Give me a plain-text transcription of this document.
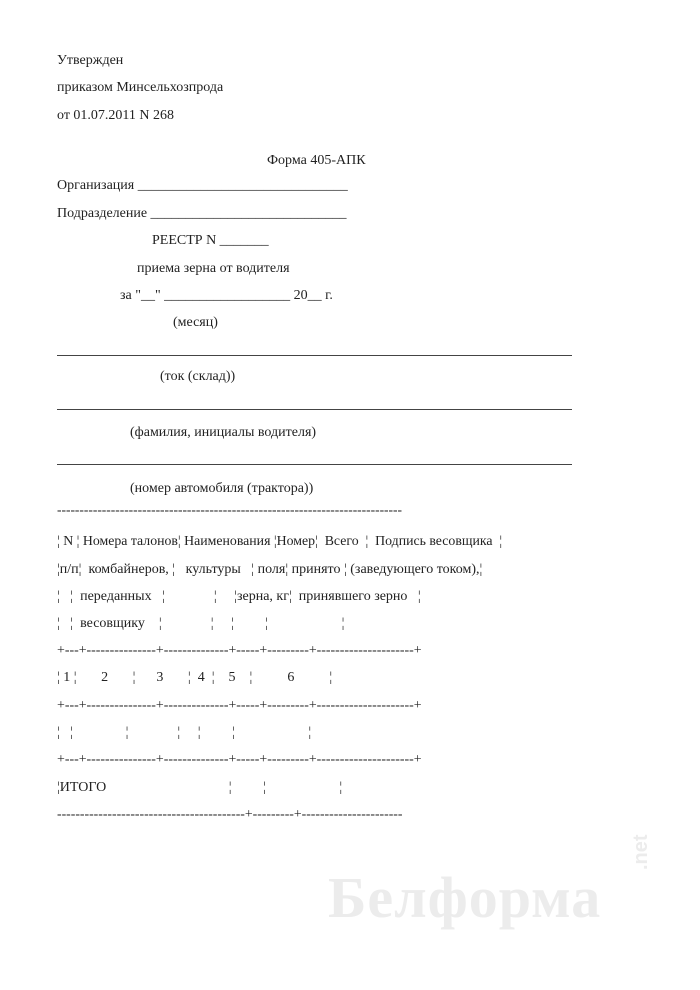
Утвержден
приказом Минсельхозпрода
от 01.07.2011 N 268
Форма 405-АПК
Организация ______________________________
Подразделение ____________________________
РЕЕСТР N _______
приема зерна от водителя
за "__" __________________ 20__ г.
(месяц)
(ток (склад))
(фамилия, инициалы водителя)
(номер автомобиля (трактора))
-----------------------------------------------------------------------------
¦ N ¦ Номера талонов¦ Наименования ¦Номер¦  Всего  ¦  Подпись весовщика  ¦
¦п/п¦  комбайнеров, ¦   культуры   ¦ поля¦ принято ¦ (заведующего током),¦
¦   ¦  переданных   ¦              ¦     ¦зерна, кг¦  принявшего зерно   ¦
¦   ¦  весовщику    ¦              ¦     ¦         ¦                     ¦
+---+---------------+--------------+-----+---------+---------------------+
¦ 1 ¦       2       ¦      3       ¦  4  ¦    5    ¦          6          ¦
+---+---------------+--------------+-----+---------+---------------------+
¦   ¦               ¦              ¦     ¦         ¦                     ¦
+---+---------------+--------------+-----+---------+---------------------+
¦ИТОГО                                   ¦         ¦                     ¦
-----------------------------------------+---------+----------------------
Белформа
.net
